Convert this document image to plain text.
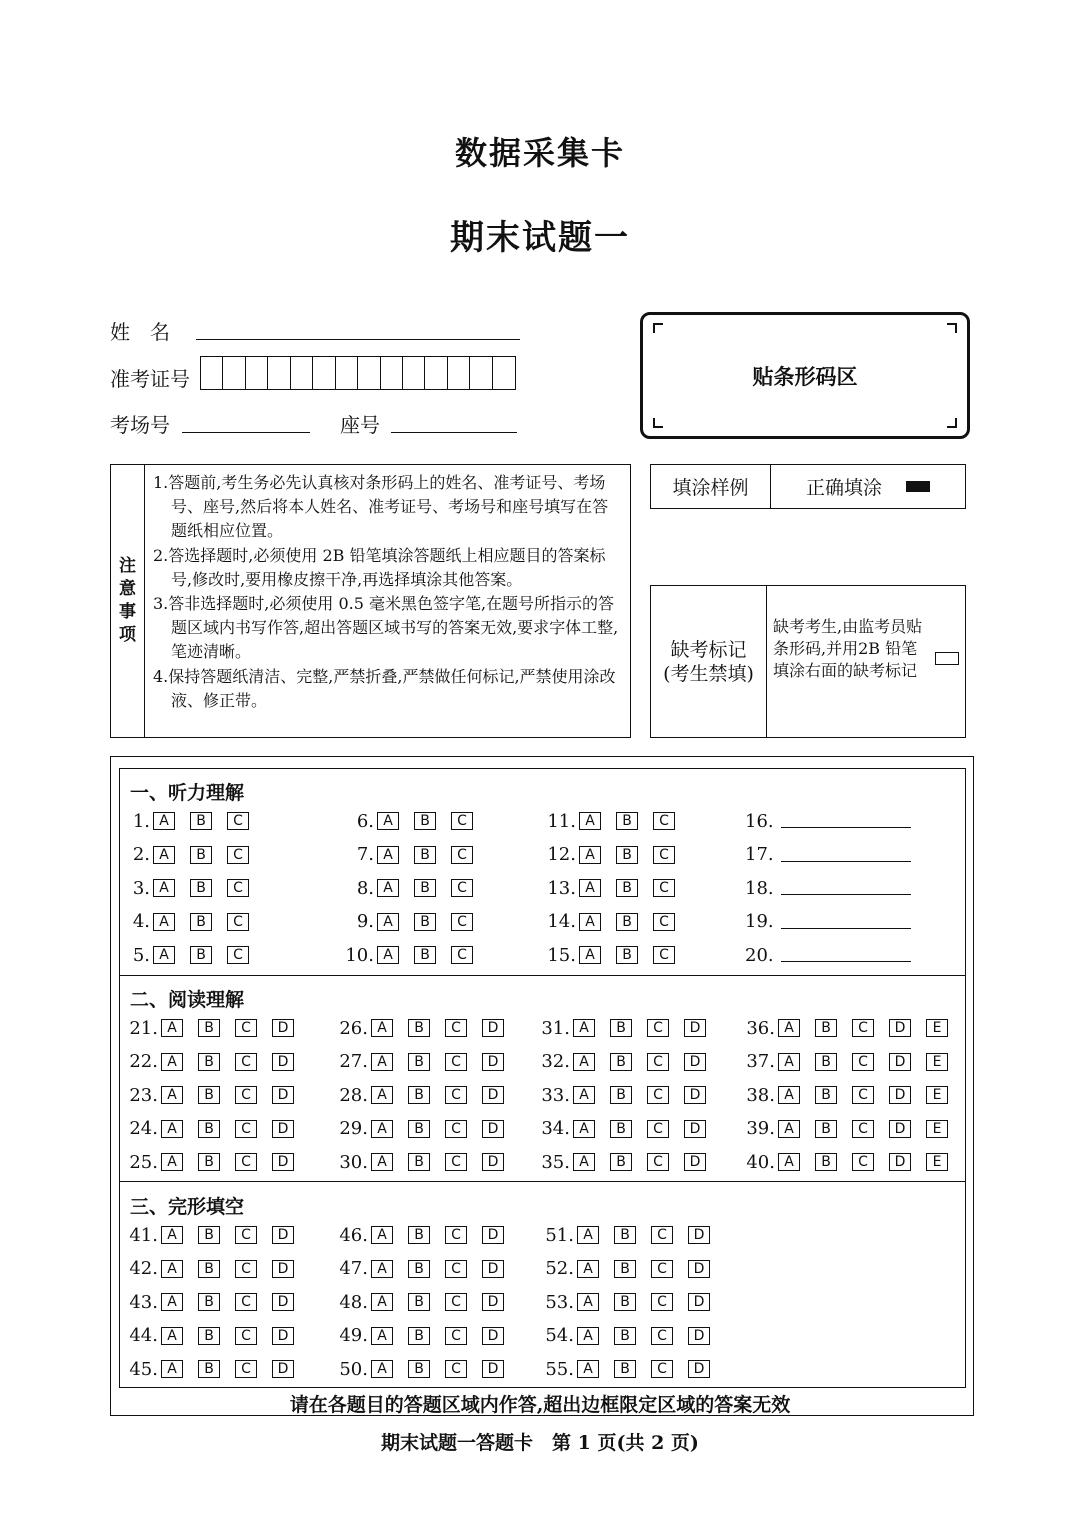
数据采集卡
期末试题一
姓　名
准考证号
考场号	座号
贴条形码区
注
意
事
项
1.答题前,考生务必先认真核对条形码上的姓名、准考证号、考场号、座号,然后将本人姓名、准考证号、考场号和座号填写在答题纸相应位置。
2.答选择题时,必须使用 2B 铅笔填涂答题纸上相应题目的答案标号,修改时,要用橡皮擦干净,再选择填涂其他答案。
3.答非选择题时,必须使用 0.5 毫米黑色签字笔,在题号所指示的答题区域内书写作答,超出答题区域书写的答案无效,要求字体工整,笔迹清晰。
4.保持答题纸清洁、完整,严禁折叠,严禁做任何标记,严禁使用涂改液、修正带。
填涂样例	正确填涂
缺考标记
(考生禁填)
缺考考生,由监考员贴条形码,并用2B 铅笔填涂右面的缺考标记
一、听力理解
二、阅读理解
三、完形填空
1. A	B	C	6. A	B	C	11. A	B	C	16.
2. A	B	C	7. A	B	C	12. A	B	C	17.
3. A	B	C	8. A	B	C	13. A	B	C	18.
4. A	B	C	9. A	B	C	14. A	B	C	19.
5. A	B	C	10. A	B	C	15. A	B	C	20.
21. A	B	C	D	26. A	B	C	D	31. A	B	C	D	36. A	B	C	D	E
22. A	B	C	D	27. A	B	C	D	32. A	B	C	D	37. A	B	C	D	E
23. A	B	C	D	28. A	B	C	D	33. A	B	C	D	38. A	B	C	D	E
24. A	B	C	D	29. A	B	C	D	34. A	B	C	D	39. A	B	C	D	E
25. A	B	C	D	30. A	B	C	D	35. A	B	C	D	40. A	B	C	D	E
41. A	B	C	D	46. A	B	C	D	51. A	B	C	D
42. A	B	C	D	47. A	B	C	D	52. A	B	C	D
43. A	B	C	D	48. A	B	C	D	53. A	B	C	D
44. A	B	C	D	49. A	B	C	D	54. A	B	C	D
45. A	B	C	D	50. A	B	C	D	55. A	B	C	D
请在各题目的答题区域内作答,超出边框限定区域的答案无效
期末试题一答题卡　第 1 页(共 2 页)
